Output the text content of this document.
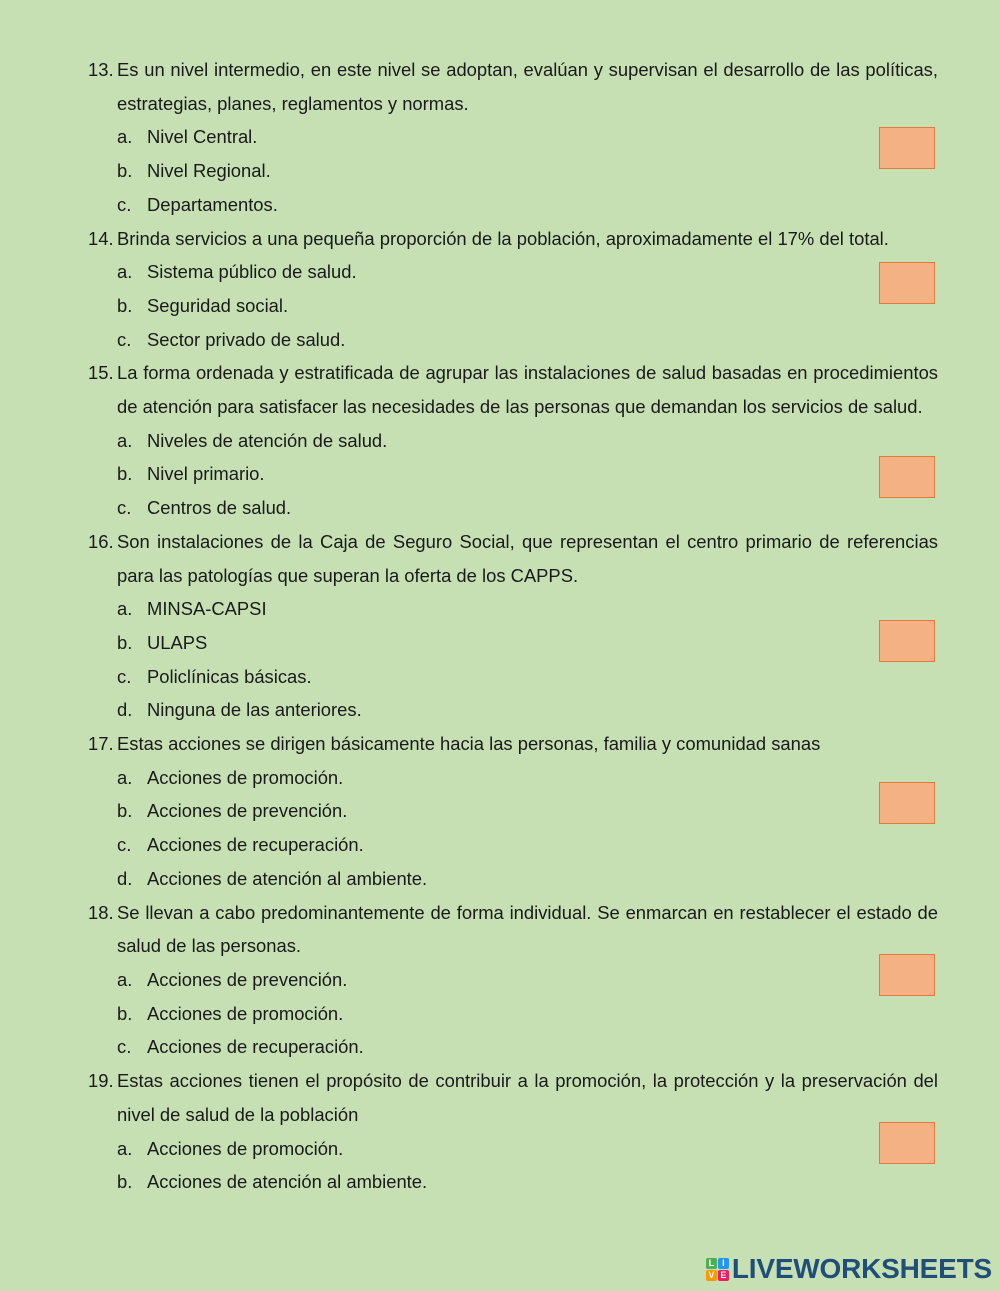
13. Es un nivel intermedio, en este nivel se adoptan, evalúan y supervisan el desarrollo de las políticas, estrategias, planes, reglamentos y normas.
a. Nivel Central.
b. Nivel Regional.
c. Departamentos.
14. Brinda servicios a una pequeña proporción de la población, aproximadamente el 17% del total.
a. Sistema público de salud.
b. Seguridad social.
c. Sector privado de salud.
15. La forma ordenada y estratificada de agrupar las instalaciones de salud basadas en procedimientos de atención para satisfacer las necesidades de las personas que demandan los servicios de salud.
a. Niveles de atención de salud.
b. Nivel primario.
c. Centros de salud.
16. Son instalaciones de la Caja de Seguro Social, que representan el centro primario de referencias para las patologías que superan la oferta de los CAPPS.
a. MINSA-CAPSI
b. ULAPS
c. Policlínicas básicas.
d. Ninguna de las anteriores.
17. Estas acciones se dirigen básicamente hacia las personas, familia y comunidad sanas
a. Acciones de promoción.
b. Acciones de prevención.
c. Acciones de recuperación.
d. Acciones de atención al ambiente.
18. Se llevan a cabo predominantemente de forma individual. Se enmarcan en restablecer el estado de salud de las personas.
a. Acciones de prevención.
b. Acciones de promoción.
c. Acciones de recuperación.
19. Estas acciones tienen el propósito de contribuir a la promoción, la protección y la preservación del nivel de salud de la población
a. Acciones de promoción.
b. Acciones de atención al ambiente.
L I
V E LIVEWORKSHEETS
